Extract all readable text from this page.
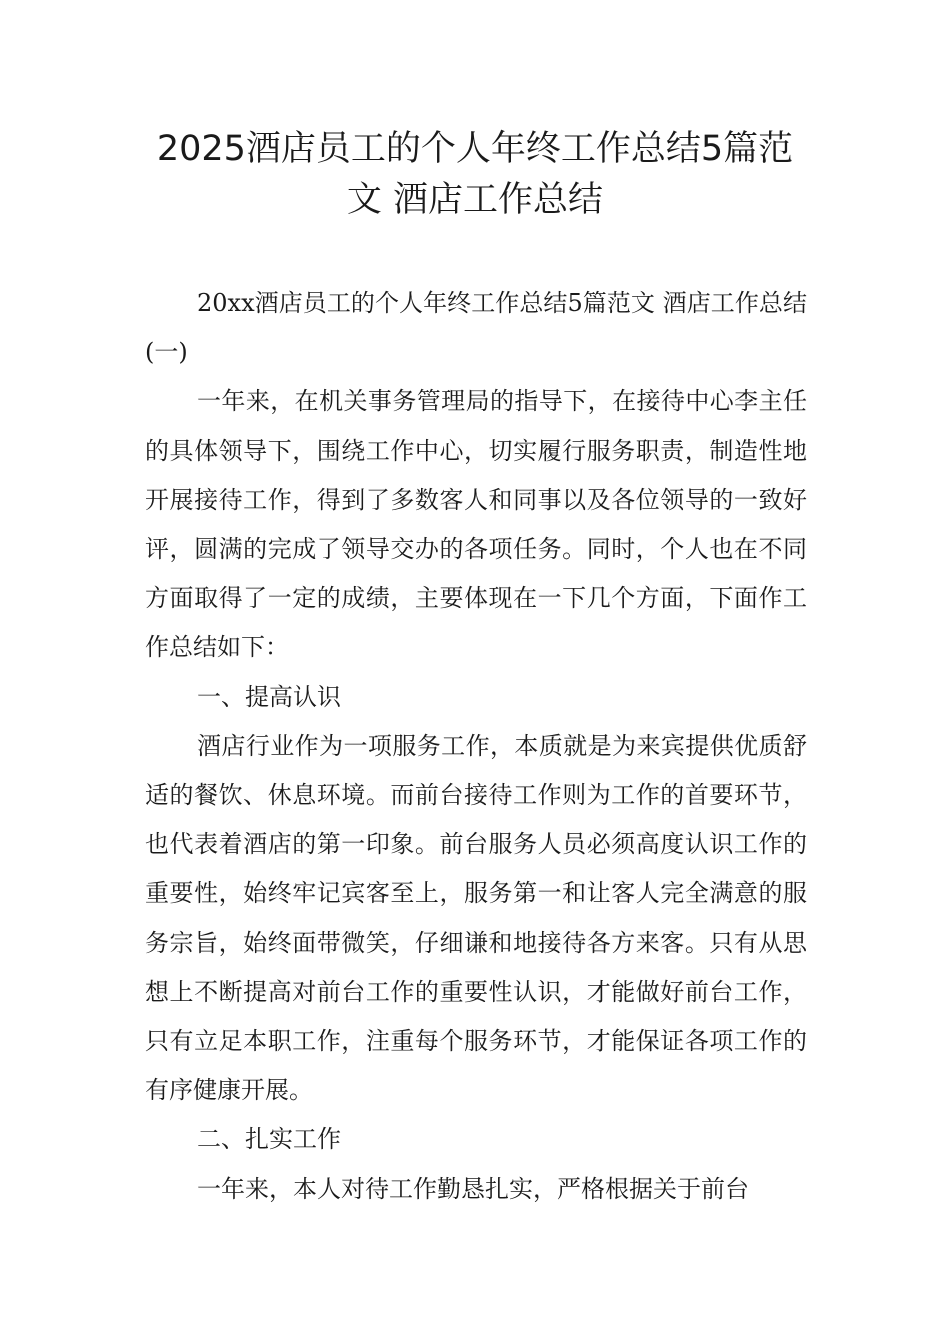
2025酒店员工的个人年终工作总结5篇范
文 酒店工作总结

20xx酒店员工的个人年终工作总结5篇范文 酒店工作总结(一)

一年来，在机关事务管理局的指导下，在接待中心李主任的具体领导下，围绕工作中心，切实履行服务职责，制造性地开展接待工作，得到了多数客人和同事以及各位领导的一致好评，圆满的完成了领导交办的各项任务。同时，个人也在不同方面取得了一定的成绩，主要体现在一下几个方面，下面作工作总结如下：

一、提高认识

酒店行业作为一项服务工作，本质就是为来宾提供优质舒适的餐饮、休息环境。而前台接待工作则为工作的首要环节，也代表着酒店的第一印象。前台服务人员必须高度认识工作的重要性，始终牢记宾客至上，服务第一和让客人完全满意的服务宗旨，始终面带微笑，仔细谦和地接待各方来客。只有从思想上不断提高对前台工作的重要性认识，才能做好前台工作，只有立足本职工作，注重每个服务环节，才能保证各项工作的有序健康开展。

二、扎实工作

一年来，本人对待工作勤恳扎实，严格根据关于前台
